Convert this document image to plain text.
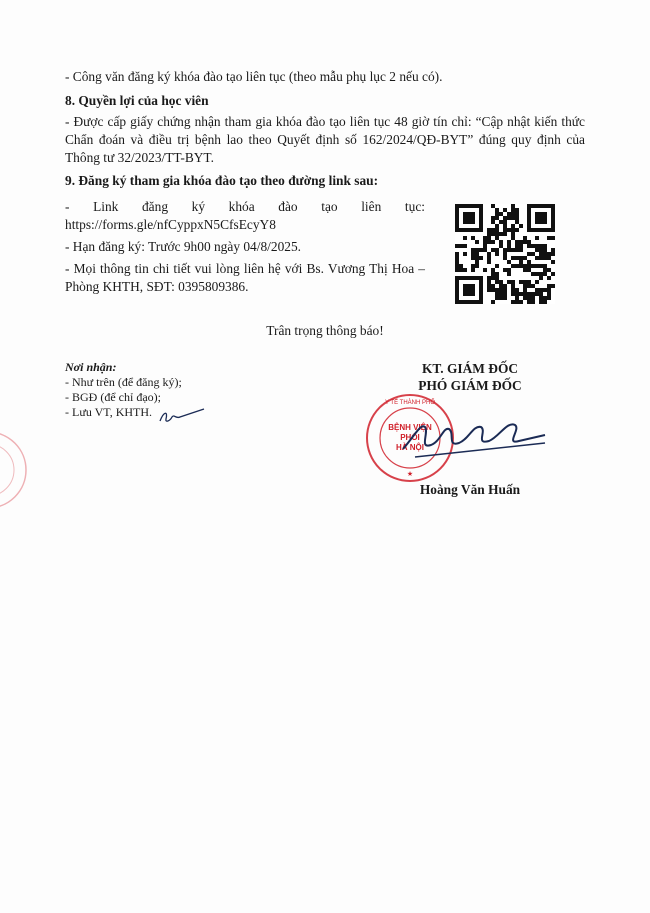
- Công văn đăng ký khóa đào tạo liên tục (theo mẫu phụ lục 2 nếu có).

8. Quyền lợi của học viên

- Được cấp giấy chứng nhận tham gia khóa đào tạo liên tục 48 giờ tín chỉ: “Cập nhật kiến thức Chẩn đoán và điều trị bệnh lao theo Quyết định số 162/2024/QĐ-BYT” đúng quy định của Thông tư 32/2023/TT-BYT.

9. Đăng ký tham gia khóa đào tạo theo đường link sau:

- Link đăng ký khóa đào tạo liên tục: https://forms.gle/nfCyppxN5CfsEcyY8

- Hạn đăng ký: Trước 9h00 ngày 04/8/2025.

- Mọi thông tin chi tiết vui lòng liên hệ với Bs. Vương Thị Hoa – Phòng KHTH, SĐT: 0395809386.

Trân trọng thông báo!
Nơi nhận:
- Như trên (để đăng ký);
- BGĐ (để chỉ đạo);
- Lưu VT, KHTH.
KT. GIÁM ĐỐC
PHÓ GIÁM ĐỐC
BỆNH VIỆN
PHỔI
HÀ NỘI
Y TẾ THÀNH PHỐ
★
Hoàng Văn Huấn
